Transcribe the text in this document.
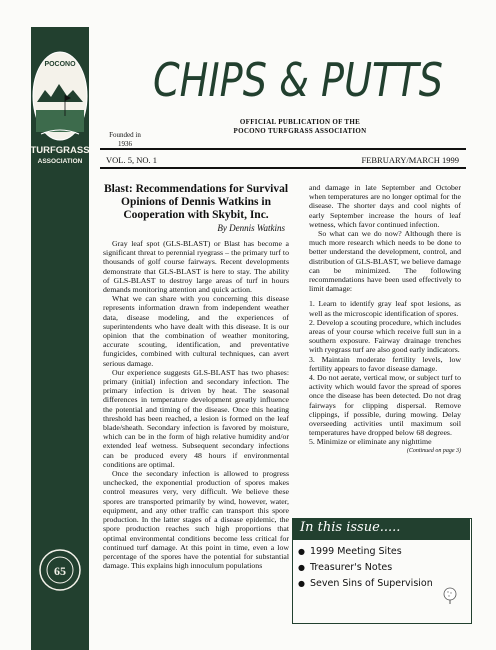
POCONO
TURFGRASS
ASSOCIATION
65
Founded in
1936
CHIPS & PUTTS
OFFICIAL PUBLICATION OF THE
POCONO TURFGRASS ASSOCIATION
VOL. 5, NO. 1	FEBRUARY/MARCH 1999
Blast: Recommendations for Survival Opinions of Dennis Watkins in Cooperation with Skybit, Inc.
By Dennis Watkins

Gray leaf spot (GLS-BLAST) or Blast has become a significant threat to perennial ryegrass – the primary turf to thousands of golf course fairways. Recent developments demonstrate that GLS-BLAST is here to stay. The ability of GLS-BLAST to destroy large areas of turf in hours demands monitoring attention and quick action.

What we can share with you concerning this disease represents information drawn from independent weather data, disease modeling, and the experiences of superintendents who have dealt with this disease. It is our opinion that the combination of weather monitoring, accurate scouting, identification, and preventative fungicides, combined with cultural techniques, can avert serious damage.

Our experience suggests GLS-BLAST has two phases: primary (initial) infection and secondary infection. The primary infection is driven by heat. The seasonal differences in temperature development greatly influence the potential and timing of the disease. Once this heating threshold has been reached, a lesion is formed on the leaf blade/sheath. Secondary infection is favored by moisture, which can be in the form of high relative humidity and/or extended leaf wetness. Subsequent secondary infections can be produced every 48 hours if environmental conditions are optimal.

Once the secondary infection is allowed to progress unchecked, the exponential production of spores makes control measures very, very difficult. We believe these spores are transported primarily by wind, however, water, equipment, and any other traffic can transport this spore production. In the latter stages of a disease epidemic, the spore production reaches such high proportions that optimal environmental conditions become less critical for continued turf damage. At this point in time, even a low percentage of the spores have the potential for substantial damage. This explains high innoculum populations

and damage in late September and October when temperatures are no longer optimal for the disease. The shorter days and cool nights of early September increase the hours of leaf wetness, which favor continued infection.

So what can we do now? Although there is much more research which needs to be done to better understand the development, control, and distribution of GLS-BLAST, we believe damage can be minimized. The following recommendations have been used effectively to limit damage:

1. Learn to identify gray leaf spot lesions, as well as the microscopic identification of spores.

2. Develop a scouting procedure, which includes areas of your course which receive full sun in a southern exposure. Fairway drainage trenches with ryegrass turf are also good early indicators.

3. Maintain moderate fertility levels, low fertility appears to favor disease damage.

4. Do not aerate, vertical mow, or subject turf to activity which would favor the spread of spores once the disease has been detected. Do not drag fairways for clipping dispersal. Remove clippings, if possible, during mowing. Delay overseeding activities until maximum soil temperatures have dropped below 68 degrees.

5. Minimize or eliminate any nighttime

(Continued on page 3)
In this issue.....
● 1999 Meeting Sites
● Treasurer's Notes
● Seven Sins of Supervision
